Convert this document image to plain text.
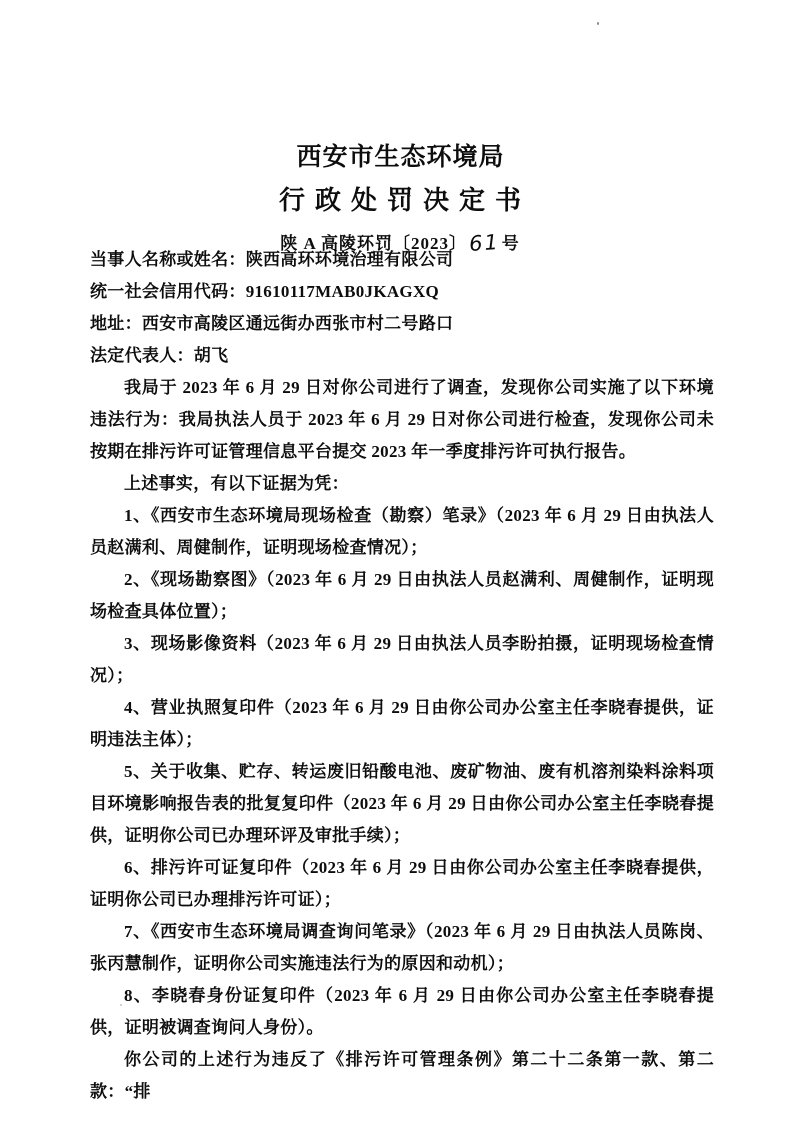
西安市生态环境局
行政处罚决定书
陕 A 高陵环罚〔2023〕61号

当事人名称或姓名：陕西高环环境治理有限公司

统一社会信用代码：91610117MAB0JKAGXQ

地址：西安市高陵区通远街办西张市村二号路口

法定代表人：胡飞

我局于 2023 年 6 月 29 日对你公司进行了调查，发现你公司实施了以下环境违法行为：我局执法人员于 2023 年 6 月 29 日对你公司进行检查，发现你公司未按期在排污许可证管理信息平台提交 2023 年一季度排污许可执行报告。

上述事实，有以下证据为凭：

1、《西安市生态环境局现场检查（勘察）笔录》（2023 年 6 月 29 日由执法人员赵满利、周健制作，证明现场检查情况）；

2、《现场勘察图》（2023 年 6 月 29 日由执法人员赵满利、周健制作，证明现场检查具体位置）；

3、现场影像资料（2023 年 6 月 29 日由执法人员李盼拍摄，证明现场检查情况）；

4、营业执照复印件（2023 年 6 月 29 日由你公司办公室主任李晓春提供，证明违法主体）；

5、关于收集、贮存、转运废旧铅酸电池、废矿物油、废有机溶剂染料涂料项目环境影响报告表的批复复印件（2023 年 6 月 29 日由你公司办公室主任李晓春提供，证明你公司已办理环评及审批手续）；

6、排污许可证复印件（2023 年 6 月 29 日由你公司办公室主任李晓春提供，证明你公司已办理排污许可证）；

7、《西安市生态环境局调查询问笔录》（2023 年 6 月 29 日由执法人员陈岗、张丙慧制作，证明你公司实施违法行为的原因和动机）；

8、李晓春身份证复印件（2023 年 6 月 29 日由你公司办公室主任李晓春提供，证明被调查询问人身份）。

你公司的上述行为违反了《排污许可管理条例》第二十二条第一款、第二款：“排
